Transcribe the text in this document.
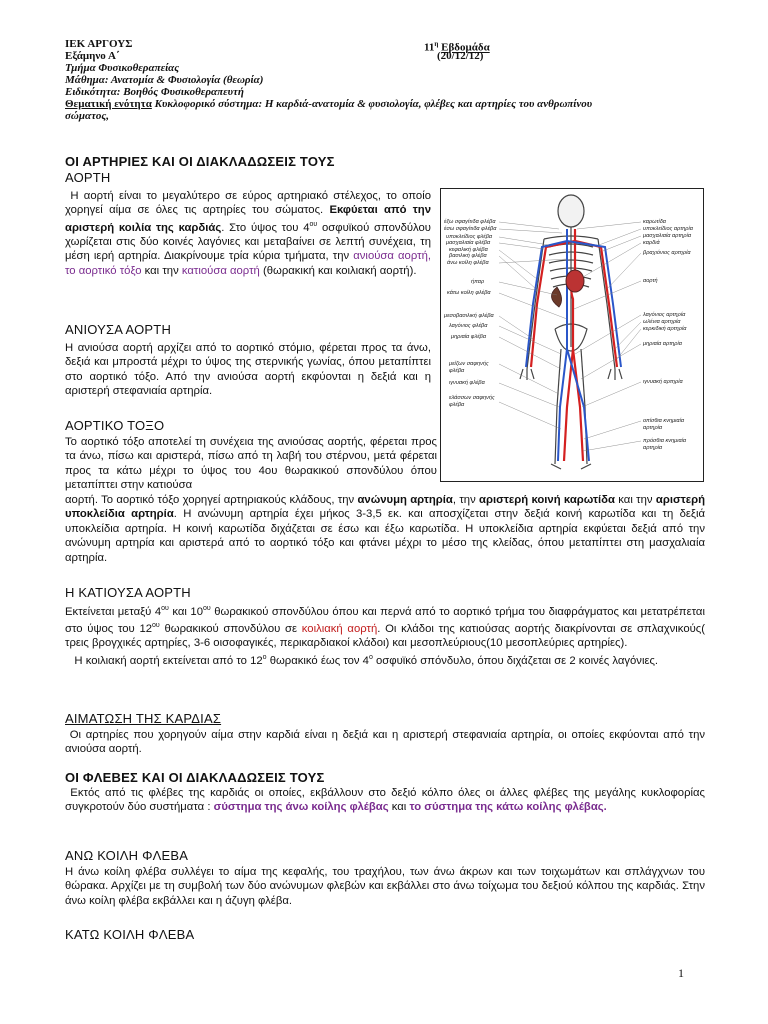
ΙΕΚ ΑΡΓΟΥΣ	$11^\eta$ Εβδομάδα
Εξάμηνο Α΄	(20/12/12)
Τμήμα Φυσικοθεραπείας
Μάθημα: Ανατομία & Φυσιολογία (θεωρία)
Ειδικότητα: Βοηθός Φυσικοθεραπευτή
Θεματική ενότητα Κυκλοφορικό σύστημα: Η καρδιά-ανατομία & φυσιολογία, φλέβες και αρτηρίες του ανθρωπίνου
σώματος,
ΟΙ ΑΡΤΗΡΙΕΣ ΚΑΙ ΟΙ ΔΙΑΚΛΑΔΩΣΕΙΣ ΤΟΥΣ
ΑΟΡΤΗ
Η αορτή είναι το μεγαλύτερο σε εύρος αρτηριακό στέλεχος, το οποίο χορηγεί αίμα σε όλες τις αρτηρίες του σώματος. Εκφύεται από την αριστερή κοιλία της καρδιάς. Στο ύψος του $4^{o\upsilon}$ οσφυϊκού σπονδύλου χωρίζεται στις δύο κοινές λαγόνιες και μεταβαίνει σε λεπτή συνέχεια, τη μέση ιερή αρτηρία. Διακρίνουμε τρία κύρια τμήματα, την ανιούσα αορτή, το αορτικό τόξο και την κατιούσα αορτή (θωρακική και κοιλιακή αορτή).
ΑΝΙΟΥΣΑ ΑΟΡΤΗ
Η ανιούσα αορτή αρχίζει από το αορτικό στόμιο, φέρεται προς τα άνω, δεξιά και μπροστά μέχρι το ύψος της στερνικής γωνίας, όπου μεταπίπτει στο αορτικό τόξο. Από την ανιούσα αορτή εκφύονται η δεξιά και η αριστερή στεφανιαία αρτηρία.
ΑΟΡΤΙΚΟ ΤΟΞΟ
Το αορτικό τόξο αποτελεί τη συνέχεια της ανιούσας αορτής, φέρεται προς τα άνω, πίσω και αριστερά, πίσω από τη λαβή του στέρνου, μετά φέρεται προς τα κάτω μέχρι το ύψος του 4ου θωρακικού σπονδύλου όπου μεταπίπτει στην κατιούσα
αορτή. Το αορτικό τόξο χορηγεί αρτηριακούς κλάδους, την ανώνυμη αρτηρία, την αριστερή κοινή καρωτίδα και την αριστερή υποκλείδια αρτηρία. Η ανώνυμη αρτηρία έχει μήκος 3-3,5 εκ. και αποσχίζεται στην δεξιά κοινή καρωτίδα και τη δεξιά υποκλείδια αρτηρία. Η κοινή καρωτίδα διχάζεται σε έσω και έξω καρωτίδα. Η υποκλείδια αρτηρία εκφύεται δεξιά από την ανώνυμη αρτηρία και αριστερά από το αορτικό τόξο και φτάνει μέχρι το μέσο της κλείδας, όπου μεταπίπτει στη μασχαλιαία αρτηρία.
Η ΚΑΤΙΟΥΣΑ ΑΟΡΤΗ
Εκτείνεται μεταξύ $4^{o\upsilon}$ και $10^{o\upsilon}$ θωρακικού σπονδύλου όπου και περνά από το αορτικό τρήμα του διαφράγματος και μετατρέπεται στο ύψος του $12^{o\upsilon}$ θωρακικού σπονδύλου σε κοιλιακή αορτή. Οι κλάδοι της κατιούσας αορτής διακρίνονται σε σπλαχνικούς( τρεις βρογχικές αρτηρίες, 3-6 οισοφαγικές, περικαρδιακοί κλάδοι) και μεσοπλεύριους(10 μεσοπλεύριες αρτηρίες).
Η κοιλιακή αορτή εκτείνεται από το $12^o$ θωρακικό έως τον $4^o$ οσφυϊκό σπόνδυλο, όπου διχάζεται σε 2 κοινές λαγόνιες.
ΑΙΜΑΤΩΣΗ ΤΗΣ ΚΑΡΔΙΑΣ
Οι αρτηρίες που χορηγούν αίμα στην καρδιά είναι η δεξιά και η αριστερή στεφανιαία αρτηρία, οι οποίες εκφύονται από την ανιούσα αορτή.
ΟΙ ΦΛΕΒΕΣ ΚΑΙ ΟΙ ΔΙΑΚΛΑΔΩΣΕΙΣ ΤΟΥΣ
Εκτός από τις φλέβες της καρδιάς οι οποίες, εκβάλλουν στο δεξιό κόλπο όλες οι άλλες φλέβες της μεγάλης κυκλοφορίας συγκροτούν δύο συστήματα : σύστημα της άνω κοίλης φλέβας και το σύστημα της κάτω κοίλης φλέβας.
ΑΝΩ ΚΟΙΛΗ ΦΛΕΒΑ
Η άνω κοίλη φλέβα συλλέγει το αίμα της κεφαλής, του τραχήλου, των άνω άκρων και των τοιχωμάτων και σπλάγχνων του θώρακα. Αρχίζει με τη συμβολή των δύο ανώνυμων φλεβών και εκβάλλει στο άνω τοίχωμα του δεξιού κόλπου της καρδιάς. Στην άνω κοίλη φλέβα εκβάλλει και η άζυγη φλέβα.
ΚΑΤΩ ΚΟΙΛΗ ΦΛΕΒΑ
έξω σφαγίτιδα φλέβα
έσω σφαγίτιδα φλέβα
υποκλείδιος φλέβα
μασχαλιαία φλέβα
κεφαλική φλέβα
βασιλική φλέβα
άνω κοίλη φλέβα
ήπαρ
κάτω κοίλη φλέβα
μεσοβασιλική φλέβα
λαγόνιος φλέβα
μηριαία φλέβα
μείζων σαφηνής φλέβα
ιγνυακή φλέβα
ελάσσων σαφηνής φλέβα
καρωτίδα
υποκλείδιος αρτηρία
μασχαλιαία αρτηρία
καρδιά
βραχιόνιος αρτηρία
αορτή
λαγόνιος αρτηρία
ωλένια αρτηρία
κερκιδική αρτηρία
μηριαία αρτηρία
ιγνυακή αρτηρία
οπίσθια κνημιαία αρτηρία
πρόσθια κνημιαία αρτηρία
1
